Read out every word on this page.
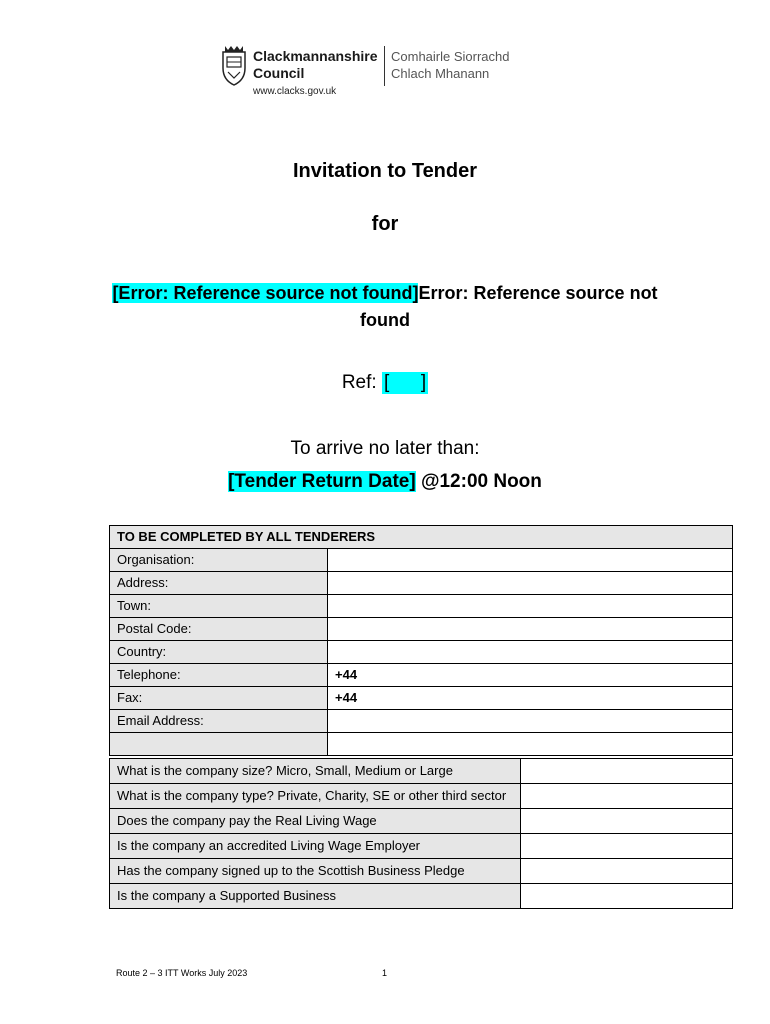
Clackmannanshire
Council
Comhairle Siorrachd
Chlach Mhanann
www.clacks.gov.uk
Invitation to Tender
for
[Error: Reference source not found]Error: Reference source not found
Ref: [      ]
To arrive no later than:
[Tender Return Date] @12:00 Noon
TO BE COMPLETED BY ALL TENDERERS	
Organisation:	
Address:	
Town:	
Postal Code:	
Country:	
Telephone:	+44
Fax:	+44
Email Address:	

What is the company size? Micro, Small, Medium or Large	
What is the company type? Private, Charity, SE or other third sector	
Does the company pay the Real Living Wage	
Is the company an accredited Living Wage Employer	
Has the company signed up to the Scottish Business Pledge	
Is the company a Supported Business	
Route 2 – 3 ITT Works July 2023	1
